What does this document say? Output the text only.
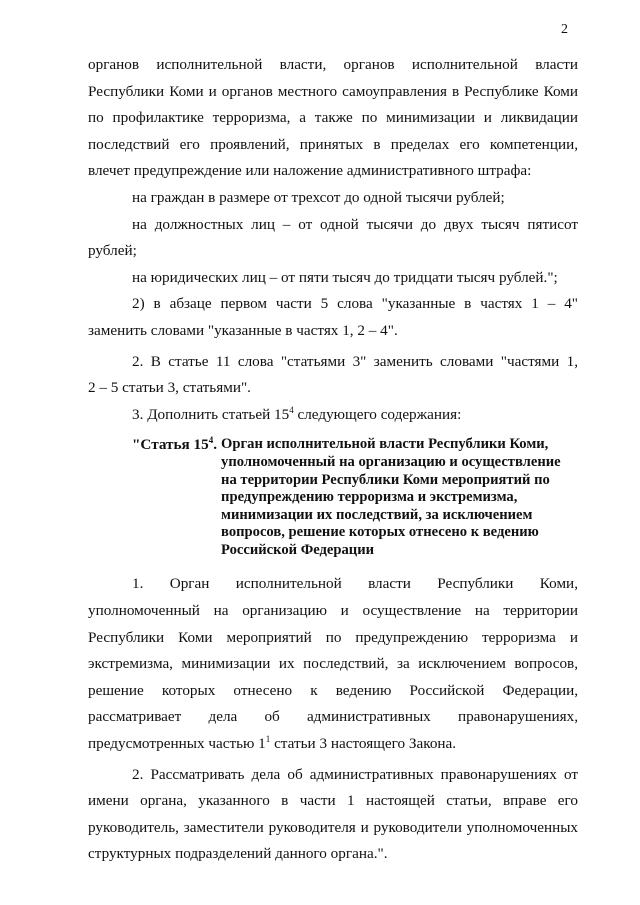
2

органов исполнительной власти, органов исполнительной власти

Республики Коми и органов местного самоуправления в Республике Коми

по профилактике терроризма, а также по минимизации и ликвидации

последствий его проявлений, принятых в пределах его компетенции,

влечет предупреждение или наложение административного штрафа:

на граждан в размере от трехсот до одной тысячи рублей;

на должностных лиц – от одной тысячи до двух тысяч пятисот

рублей;

на юридических лиц – от пяти тысяч до тридцати тысяч рублей.";

2) в абзаце первом части 5 слова "указанные в частях 1 – 4"

заменить словами "указанные в частях 1, 2 – 4".

2. В статье 11 слова "статьями 3" заменить словами "частями 1,

2 – 5 статьи 3, статьями".

3. Дополнить статьей $15^4$ следующего содержания:

"Статья $15^4$. Орган исполнительной власти Республики Коми, уполномоченный на организацию и осуществление на территории Республики Коми мероприятий по предупреждению терроризма и экстремизма, минимизации их последствий, за исключением вопросов, решение которых отнесено к ведению Российской Федерации

1. Орган исполнительной власти Республики Коми,

уполномоченный на организацию и осуществление на территории

Республики Коми мероприятий по предупреждению терроризма и

экстремизма, минимизации их последствий, за исключением вопросов,

решение которых отнесено к ведению Российской Федерации,

рассматривает дела об административных правонарушениях,

предусмотренных частью $1^1$ статьи 3 настоящего Закона.

2. Рассматривать дела об административных правонарушениях от

имени органа, указанного в части 1 настоящей статьи, вправе его

руководитель, заместители руководителя и руководители уполномоченных

структурных подразделений данного органа.".
